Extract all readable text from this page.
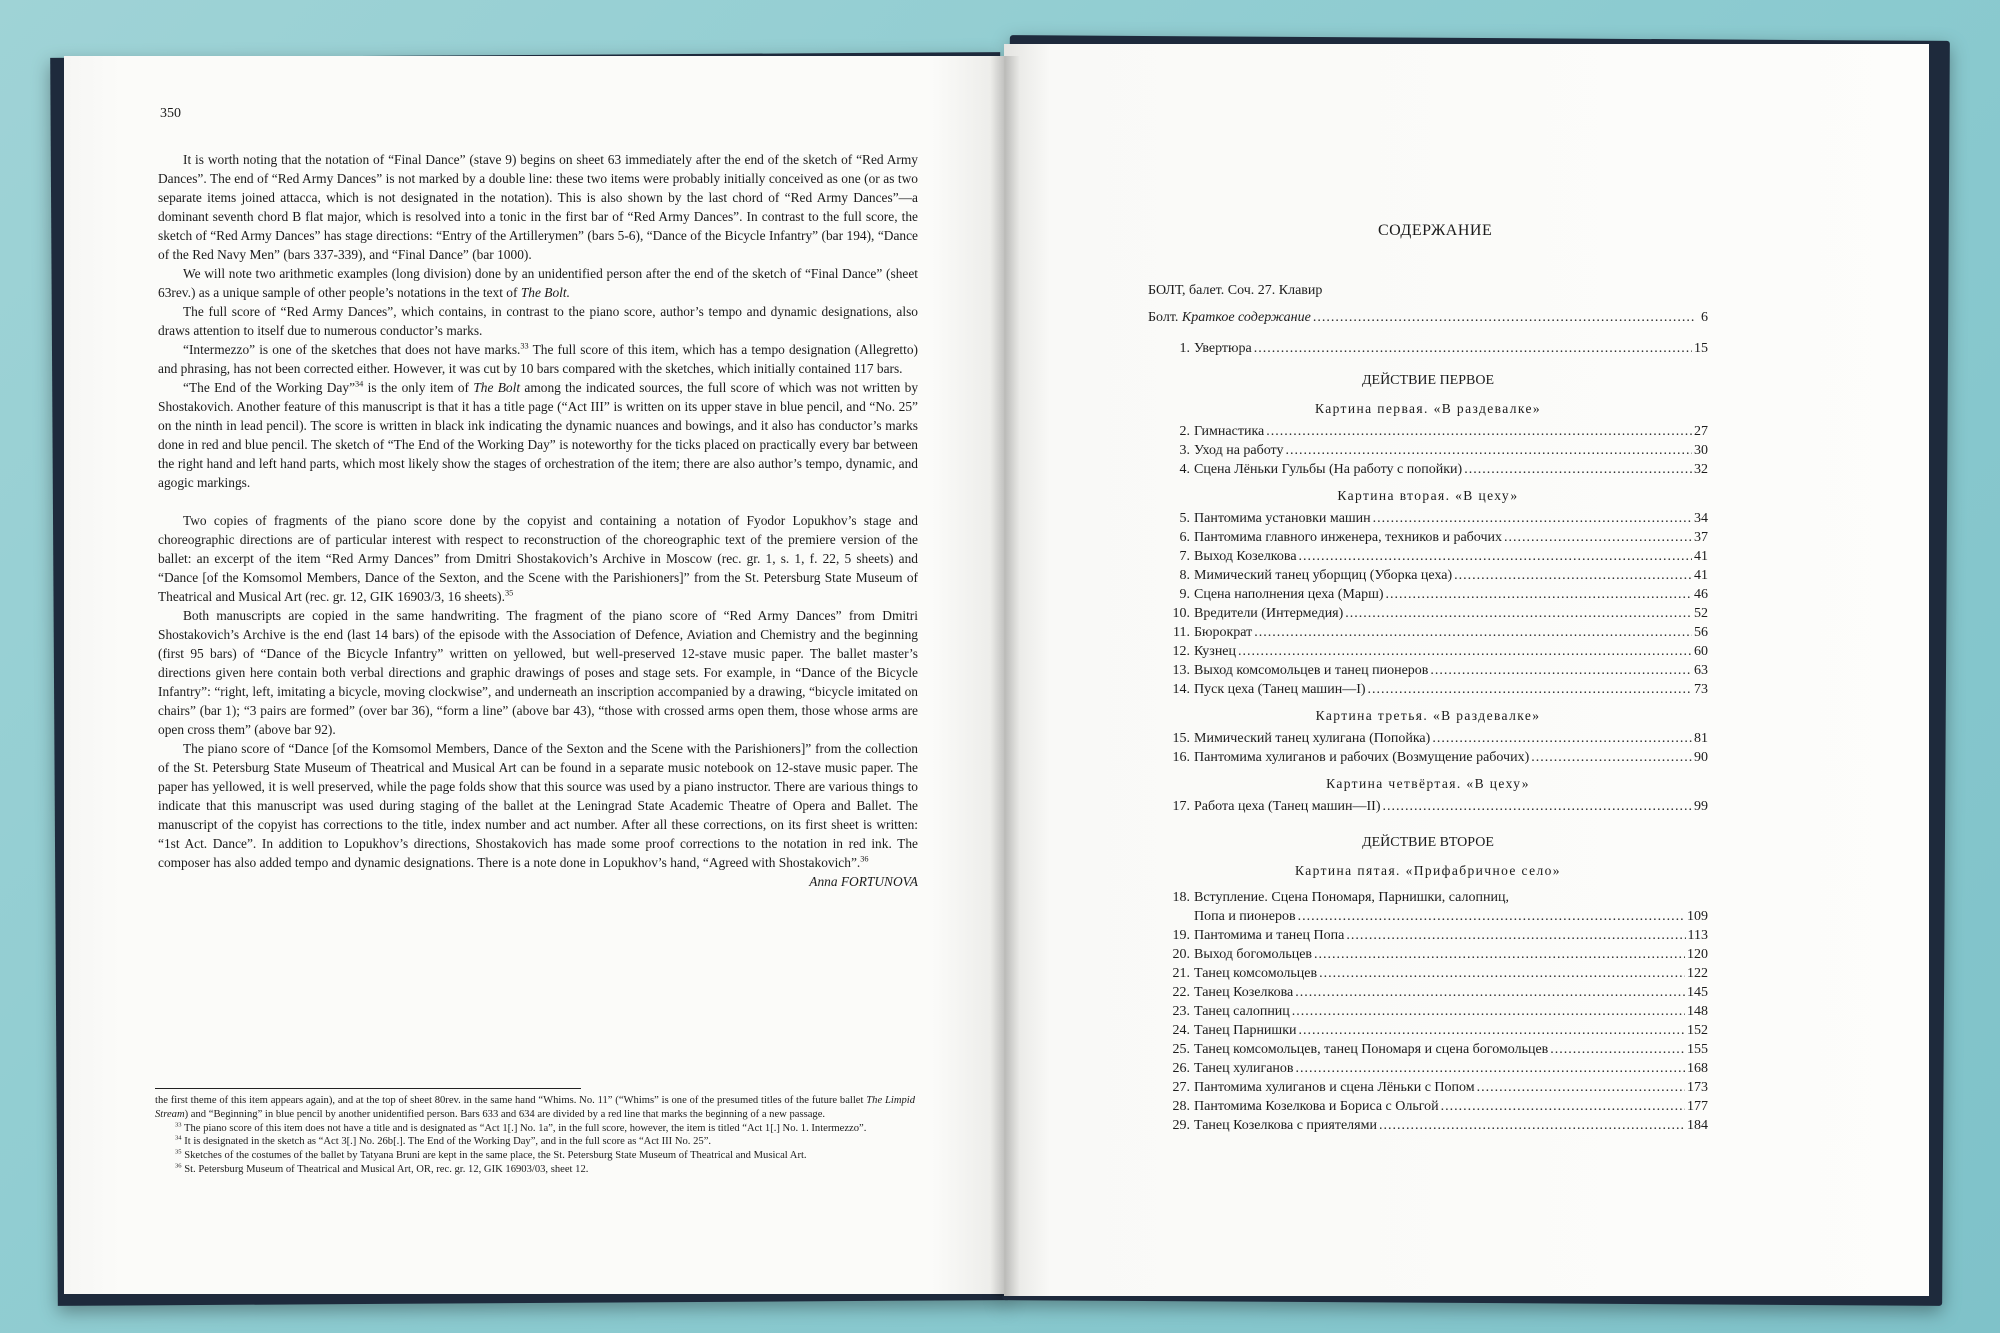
350

It is worth noting that the notation of “Final Dance” (stave 9) begins on sheet 63 immediately after the end of the sketch of “Red Army Dances”. The end of “Red Army Dances” is not marked by a double line: these two items were probably initially conceived as one (or as two separate items joined attacca, which is not designated in the notation). This is also shown by the last chord of “Red Army Dances”—a dominant seventh chord B flat major, which is resolved into a tonic in the first bar of “Red Army Dances”. In contrast to the full score, the sketch of “Red Army Dances” has stage directions: “Entry of the Artillerymen” (bars 5-6), “Dance of the Bicycle Infantry” (bar 194), “Dance of the Red Navy Men” (bars 337-339), and “Final Dance” (bar 1000).

We will note two arithmetic examples (long division) done by an unidentified person after the end of the sketch of “Final Dance” (sheet 63rev.) as a unique sample of other people’s notations in the text of The Bolt.

The full score of “Red Army Dances”, which contains, in contrast to the piano score, author’s tempo and dynamic designations, also draws attention to itself due to numerous conductor’s marks.

“Intermezzo” is one of the sketches that does not have marks.$^{33}$ The full score of this item, which has a tempo designation (Allegretto) and phrasing, has not been corrected either. However, it was cut by 10 bars compared with the sketches, which initially contained 117 bars.

“The End of the Working Day”$^{34}$ is the only item of The Bolt among the indicated sources, the full score of which was not written by Shostakovich. Another feature of this manuscript is that it has a title page (“Act III” is written on its upper stave in blue pencil, and “No. 25” on the ninth in lead pencil). The score is written in black ink indicating the dynamic nuances and bowings, and it also has conductor’s marks done in red and blue pencil. The sketch of “The End of the Working Day” is noteworthy for the ticks placed on practically every bar between the right hand and left hand parts, which most likely show the stages of orchestration of the item; there are also author’s tempo, dynamic, and agogic markings.

Two copies of fragments of the piano score done by the copyist and containing a notation of Fyodor Lopukhov’s stage and choreographic directions are of particular interest with respect to reconstruction of the choreographic text of the premiere version of the ballet: an excerpt of the item “Red Army Dances” from Dmitri Shostakovich’s Archive in Moscow (rec. gr. 1, s. 1, f. 22, 5 sheets) and “Dance [of the Komsomol Members, Dance of the Sexton, and the Scene with the Parishioners]” from the St. Petersburg State Museum of Theatrical and Musical Art (rec. gr. 12, GIK 16903/3, 16 sheets).$^{35}$

Both manuscripts are copied in the same handwriting. The fragment of the piano score of “Red Army Dances” from Dmitri Shostakovich’s Archive is the end (last 14 bars) of the episode with the Association of Defence, Aviation and Chemistry and the beginning (first 95 bars) of “Dance of the Bicycle Infantry” written on yellowed, but well-preserved 12-stave music paper. The ballet master’s directions given here contain both verbal directions and graphic drawings of poses and stage sets. For example, in “Dance of the Bicycle Infantry”: “right, left, imitating a bicycle, moving clockwise”, and underneath an inscription accompanied by a drawing, “bicycle imitated on chairs” (bar 1); “3 pairs are formed” (over bar 36), “form a line” (above bar 43), “those with crossed arms open them, those whose arms are open cross them” (above bar 92).

The piano score of “Dance [of the Komsomol Members, Dance of the Sexton and the Scene with the Parishioners]” from the collection of the St. Petersburg State Museum of Theatrical and Musical Art can be found in a separate music notebook on 12-stave music paper. The paper has yellowed, it is well preserved, while the page folds show that this source was used by a piano instructor. There are various things to indicate that this manuscript was used during staging of the ballet at the Leningrad State Academic Theatre of Opera and Ballet. The manuscript of the copyist has corrections to the title, index number and act number. After all these corrections, on its first sheet is written: “1st Act. Dance”. In addition to Lopukhov’s directions, Shostakovich has made some proof corrections to the notation in red ink. The composer has also added tempo and dynamic designations. There is a note done in Lopukhov’s hand, “Agreed with Shostakovich”.$^{36}$

Anna FORTUNOVA

the first theme of this item appears again), and at the top of sheet 80rev. in the same hand “Whims. No. 11” (“Whims” is one of the presumed titles of the future ballet The Limpid Stream) and “Beginning” in blue pencil by another unidentified person. Bars 633 and 634 are divided by a red line that marks the beginning of a new passage.

$^{33}$ The piano score of this item does not have a title and is designated as “Act 1[.] No. 1a”, in the full score, however, the item is titled “Act 1[.] No. 1. Intermezzo”.

$^{34}$ It is designated in the sketch as “Act 3[.] No. 26b[.]. The End of the Working Day”, and in the full score as “Act III No. 25”.

$^{35}$ Sketches of the costumes of the ballet by Tatyana Bruni are kept in the same place, the St. Petersburg State Museum of Theatrical and Musical Art.

$^{36}$ St. Petersburg Museum of Theatrical and Musical Art, OR, rec. gr. 12, GIK 16903/03, sheet 12.

СОДЕРЖАНИЕ
БОЛТ, балет. Соч. 27. Клавир
Болт.
Краткое содержание .....	6
1. Увертюра .....	15
ДЕЙСТВИЕ ПЕРВОЕ
Картина первая. «В раздевалке»
2. Гимнастика .....	27
3. Уход на работу .....	30
4. Сцена Лёньки Гульбы (На работу с попойки) .....	32
Картина вторая. «В цеху»
5. Пантомима установки машин .....	34
6. Пантомима главного инженера, техников и рабочих .....	37
7. Выход Козелкова .....	41
8. Мимический танец уборщиц (Уборка цеха) .....	41
9. Сцена наполнения цеха (Марш) .....	46
10. Вредители (Интермедия) .....	52
11. Бюрократ .....	56
12. Кузнец .....	60
13. Выход комсомольцев и танец пионеров .....	63
14. Пуск цеха (Танец машин—I) .....	73
Картина третья. «В раздевалке»
15. Мимический танец хулигана (Попойка) .....	81
16. Пантомима хулиганов и рабочих (Возмущение рабочих) .....	90
Картина четвёртая. «В цеху»
17. Работа цеха (Танец машин—II) .....	99
ДЕЙСТВИЕ ВТОРОЕ
Картина пятая. «Прифабричное село»
18. Вступление. Сцена Пономаря, Парнишки, салопниц,
Попа и пионеров .....	109
19. Пантомима и танец Попа .....	113
20. Выход богомольцев .....	120
21. Танец комсомольцев .....	122
22. Танец Козелкова .....	145
23. Танец салопниц .....	148
24. Танец Парнишки .....	152
25. Танец комсомольцев, танец Пономаря и сцена богомольцев .....	155
26. Танец хулиганов .....	168
27. Пантомима хулиганов и сцена Лёньки с Попом .....	173
28. Пантомима Козелкова и Бориса с Ольгой .....	177
29. Танец Козелкова с приятелями .....	184
